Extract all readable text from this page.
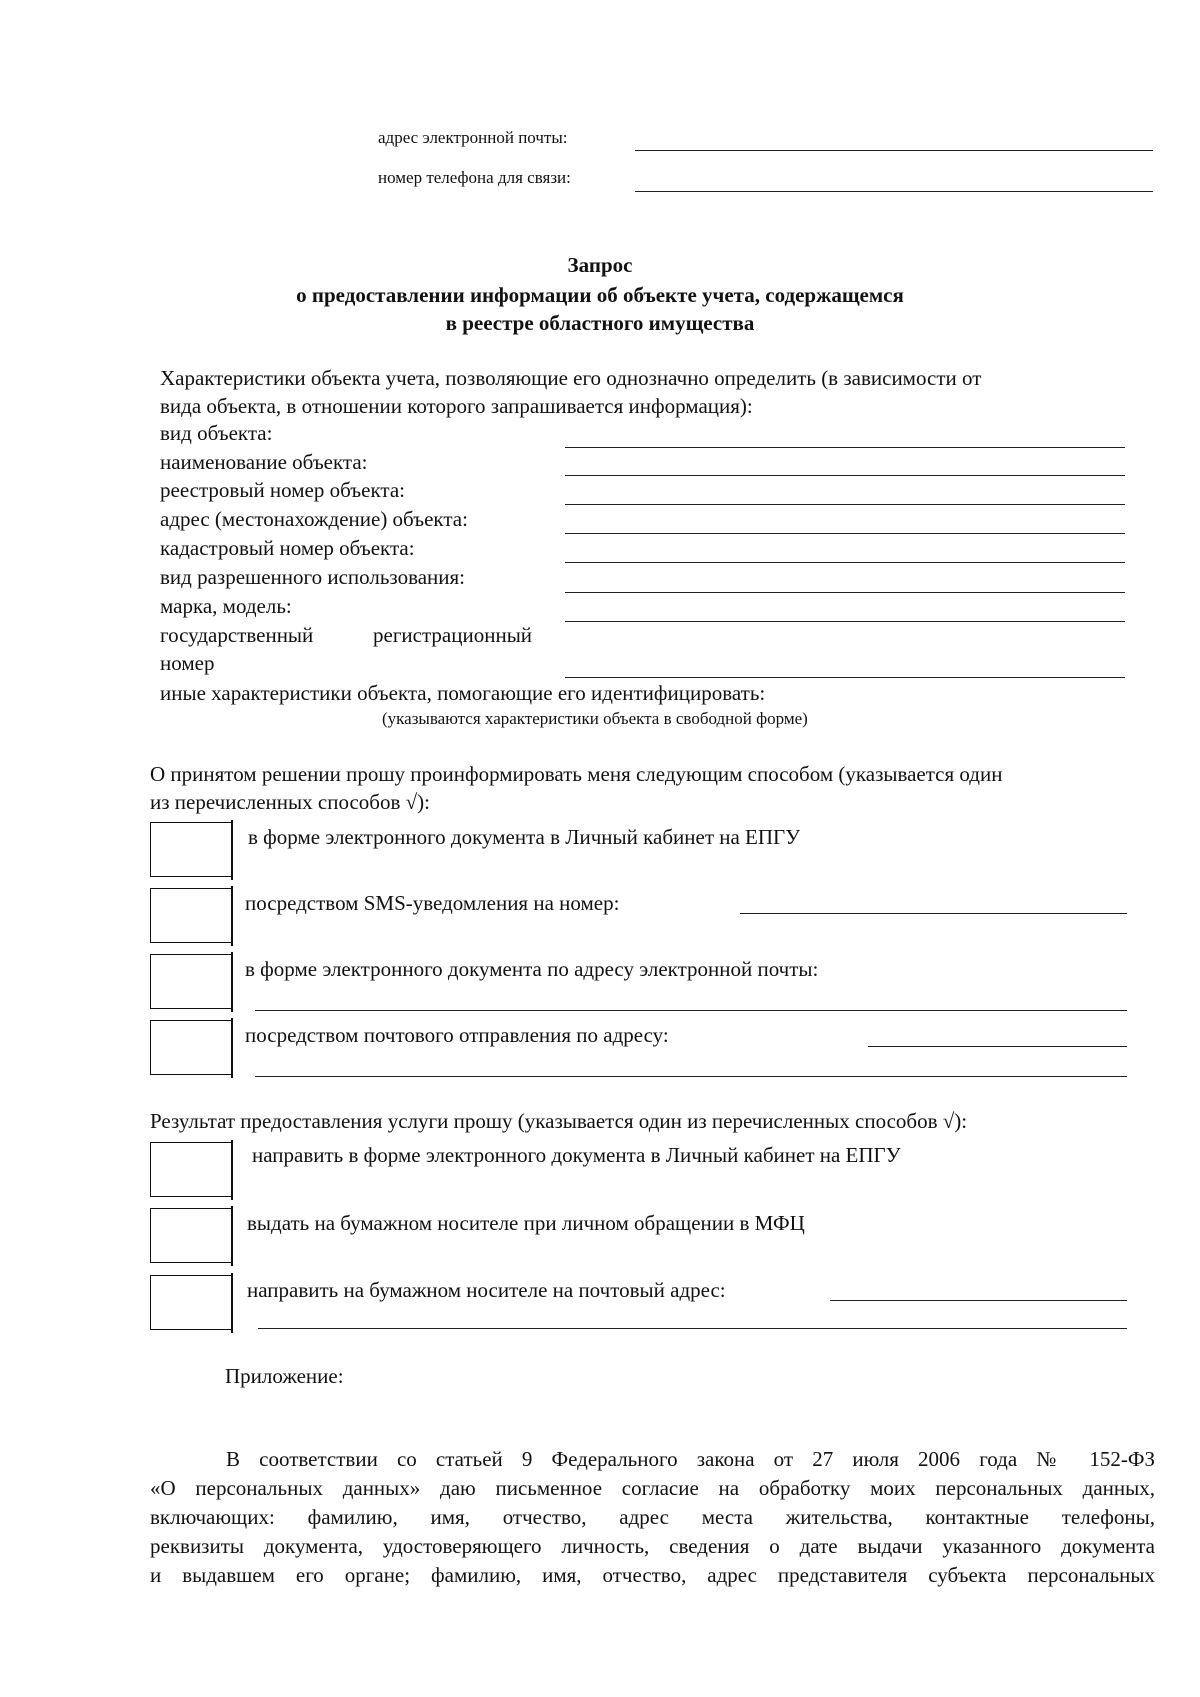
адрес электронной почты:
номер телефона для связи:
Запрос
о предоставлении информации об объекте учета, содержащемся
в реестре областного имущества
Характеристики объекта учета, позволяющие его однозначно определить (в зависимости от
вида объекта, в отношении которого запрашивается информация):
вид объекта:
наименование объекта:
реестровый номер объекта:
адрес (местонахождение) объекта:
кадастровый номер объекта:
вид разрешенного использования:
марка, модель:
государственный	регистрационный
номер
иные характеристики объекта, помогающие его идентифицировать:
(указываются характеристики объекта в свободной форме)
О принятом решении прошу проинформировать меня следующим способом (указывается один
из перечисленных способов √):
в форме электронного документа в Личный кабинет на ЕПГУ
посредством SMS-уведомления на номер:
в форме электронного документа по адресу электронной почты:
посредством почтового отправления по адресу:
Результат предоставления услуги прошу (указывается один из перечисленных способов √):
направить в форме электронного документа в Личный кабинет на ЕПГУ
выдать на бумажном носителе при личном обращении в МФЦ
направить на бумажном носителе на почтовый адрес:
Приложение:
В соответствии со статьей 9 Федерального закона от 27 июля 2006 года № 152-ФЗ
«О персональных данных» даю письменное согласие на обработку моих персональных данных,
включающих: фамилию, имя, отчество, адрес места жительства, контактные телефоны,
реквизиты документа, удостоверяющего личность, сведения о дате выдачи указанного документа
и выдавшем его органе; фамилию, имя, отчество, адрес представителя субъекта персональных
